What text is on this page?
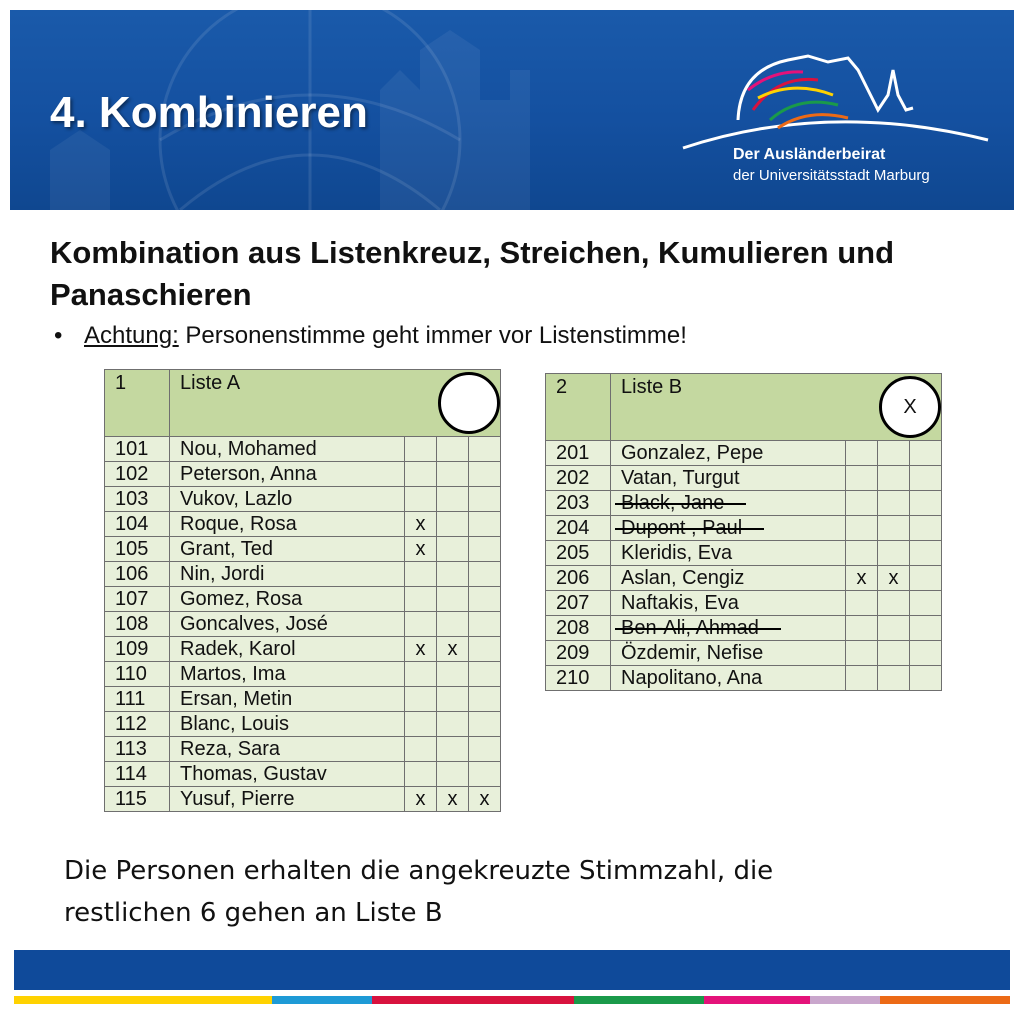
4. Kombinieren
Der Ausländerbeirat
der Universitätsstadt Marburg
Kombination aus Listenkreuz, Streichen, Kumulieren und Panaschieren
• Achtung: Personenstimme geht immer vor Listenstimme!
1	Liste A			

101	Nou, Mohamed			
102	Peterson, Anna			
103	Vukov, Lazlo			
104	Roque, Rosa	x		
105	Grant, Ted	x		
106	Nin, Jordi			
107	Gomez, Rosa			
108	Goncalves, José			
109	Radek, Karol	x	x	
110	Martos, Ima			
111	Ersan, Metin			
112	Blanc, Louis			
113	Reza, Sara			
114	Thomas, Gustav			
115	Yusuf, Pierre	x	x	x
2	Liste B
X			

201	Gonzalez, Pepe			
202	Vatan, Turgut			
203	Black, Jane			
204	Dupont , Paul			
205	Kleridis, Eva			
206	Aslan, Cengiz	x	x	
207	Naftakis, Eva			
208	Ben-Ali, Ahmad			
209	Özdemir, Nefise			
210	Napolitano, Ana			
Die Personen erhalten die angekreuzte Stimmzahl, die
restlichen 6 gehen an Liste B
